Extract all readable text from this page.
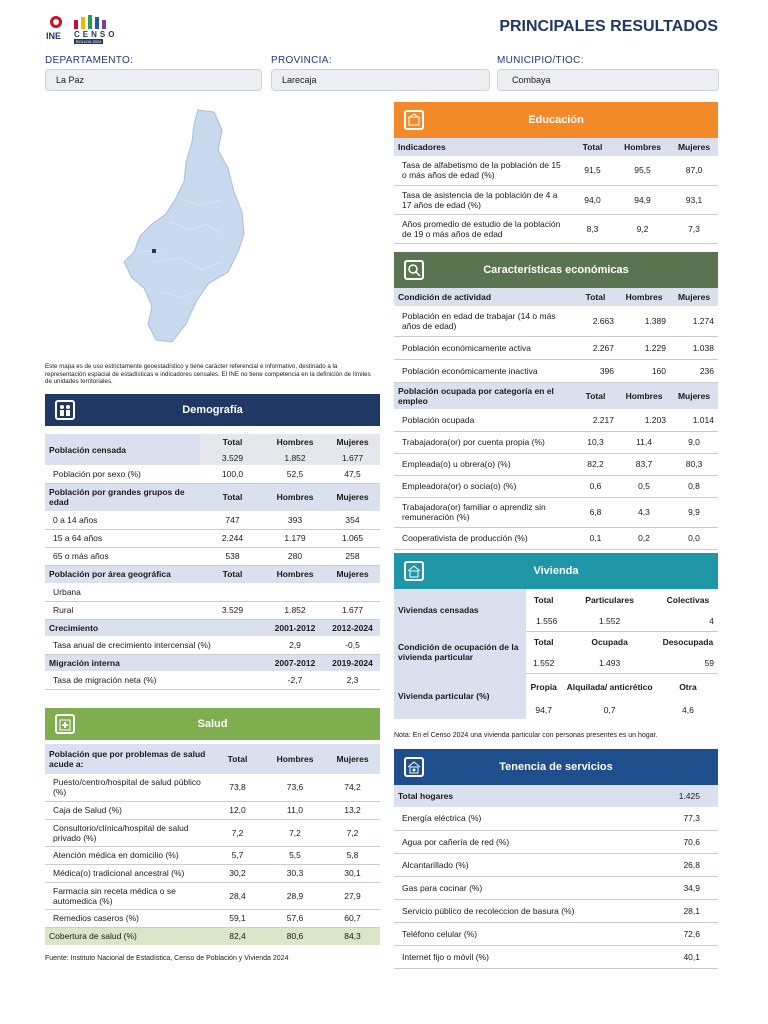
INE CENSO
BOLIVIA 2024
PRINCIPALES RESULTADOS
DEPARTAMENTO:
La Paz
PROVINCIA:
Larecaja
MUNICIPIO/TIOC:
Combaya
Este mapa es de uso estrictamente geoestadístico y tiene carácter referencial e informativo, destinado a la representación espacial de estadísticas e indicadores censales. El INE no tiene competencia en la definición de límites de unidades territoriales.
Demografía
Población censada	Total	Hombres	Mujeres
	3.529	1.852	1.677
Población por sexo (%)	100,0	52,5	47,5
Población por grandes grupos de edad	Total	Hombres	Mujeres
0 a 14 años	747	393	354
15 a 64 años	2.244	1.179	1.065
65 o más años	538	280	258
Población por área geográfica	Total	Hombres	Mujeres
Urbana			
Rural	3.529	1.852	1.677
Crecimiento		2001-2012	2012-2024
Tasa anual de crecimiento intercensal (%)		2,9	-0,5
Migración interna		2007-2012	2019-2024
Tasa de migración neta (%)		-2,7	2,3
Salud
Población que por problemas de salud acude a:	Total	Hombres	Mujeres
Puesto/centro/hospital de salud público (%)	73,8	73,6	74,2
Caja de Salud (%)	12,0	11,0	13,2
Consultorio/clínica/hospital de salud privado (%)	7,2	7,2	7,2
Atención médica en domicilio (%)	5,7	5,5	5,8
Médica(o) tradicional ancestral (%)	30,2	30,3	30,1
Farmacia sin receta médica o se automedica (%)	28,4	28,9	27,9
Remedios caseros (%)	59,1	57,6	60,7
Cobertura de salud (%)	82,4	80,6	84,3
Fuente: Instituto Nacional de Estadística, Censo de Población y Vivienda 2024
Educación
Indicadores	Total	Hombres	Mujeres
Tasa de alfabetismo de la población de 15 o más años de edad (%)	91,5	95,5	87,0
Tasa de asistencia de la población de 4 a 17 años de edad (%)	94,0	94,9	93,1
Años promedio de estudio de la población de 19 o más años de edad	8,3	9,2	7,3
Características económicas
Condición de actividad	Total	Hombres	Mujeres
Población en edad de trabajar (14 o más años de edad)	2.663	1.389	1.274
Población económicamente activa	2.267	1.229	1.038
Población económicamente inactiva	396	160	236
Población ocupada por categoría en el empleo	Total	Hombres	Mujeres
Población ocupada	2.217	1.203	1.014
Trabajadora(or) por cuenta propia (%)	10,3	11,4	9,0
Empleada(o) u obrera(o) (%)	82,2	83,7	80,3
Empleadora(or) o socia(o) (%)	0,6	0,5	0,8
Trabajadora(or) familiar o aprendiz sin remuneración (%)	6,8	4,3	9,9
Cooperativista de producción (%)	0,1	0,2	0,0
Vivienda
Viviendas censadas	Total	Particulares	Colectivas
	1.556	1.552	4
Condición de ocupación de la vivienda particular	Total	Ocupada	Desocupada
	1.552	1.493	59
Vivienda particular (%)	Propia	Alquilada/ anticrético	Otra
	94,7	0,7	4,6
Nota: En el Censo 2024 una vivienda particular con personas presentes es un hogar.
Tenencia de servicios
Total hogares	1.425
Energía eléctrica (%)	77,3
Agua por cañería de red (%)	70,6
Alcantarillado (%)	26,8
Gas para cocinar (%)	34,9
Servicio público de recoleccion de basura (%)	28,1
Teléfono celular (%)	72,6
Internet fijo o móvil (%)	40,1
